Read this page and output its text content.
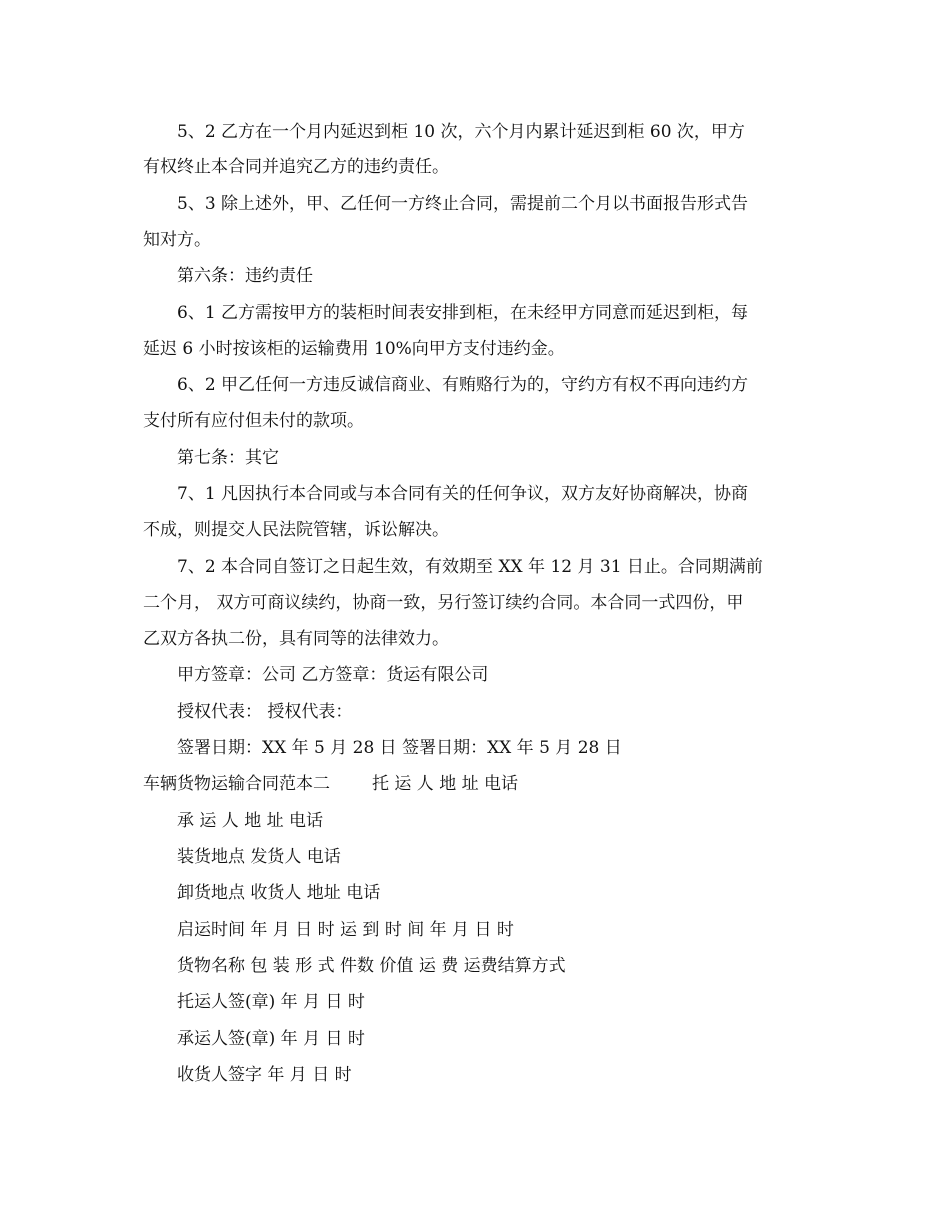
5、2 乙方在一个月内延迟到柜 10 次，六个月内累计延迟到柜 60 次，甲方
有权终止本合同并追究乙方的违约责任。
5、3 除上述外，甲、乙任何一方终止合同，需提前二个月以书面报告形式告
知对方。
第六条：违约责任
6、1 乙方需按甲方的装柜时间表安排到柜，在未经甲方同意而延迟到柜，每
延迟 6 小时按该柜的运输费用 10%向甲方支付违约金。
6、2 甲乙任何一方违反诚信商业、有贿赂行为的，守约方有权不再向违约方
支付所有应付但未付的款项。
第七条：其它
7、1 凡因执行本合同或与本合同有关的任何争议，双方友好协商解决，协商
不成，则提交人民法院管辖，诉讼解决。
7、2 本合同自签订之日起生效，有效期至 XX 年 12 月 31 日止。合同期满前
二个月， 双方可商议续约，协商一致，另行签订续约合同。本合同一式四份，甲
乙双方各执二份，具有同等的法律效力。
甲方签章：公司 乙方签章：货运有限公司
授权代表： 授权代表：
签署日期：XX 年 5 月 28 日 签署日期：XX 年 5 月 28 日
车辆货物运输合同范本二 托 运 人 地 址 电话
承 运 人 地 址 电话
装货地点 发货人 电话
卸货地点 收货人 地址 电话
启运时间 年 月 日 时 运 到 时 间 年 月 日 时
货物名称 包 装 形 式 件数 价值 运 费 运费结算方式
托运人签(章) 年 月 日 时
承运人签(章) 年 月 日 时
收货人签字 年 月 日 时
